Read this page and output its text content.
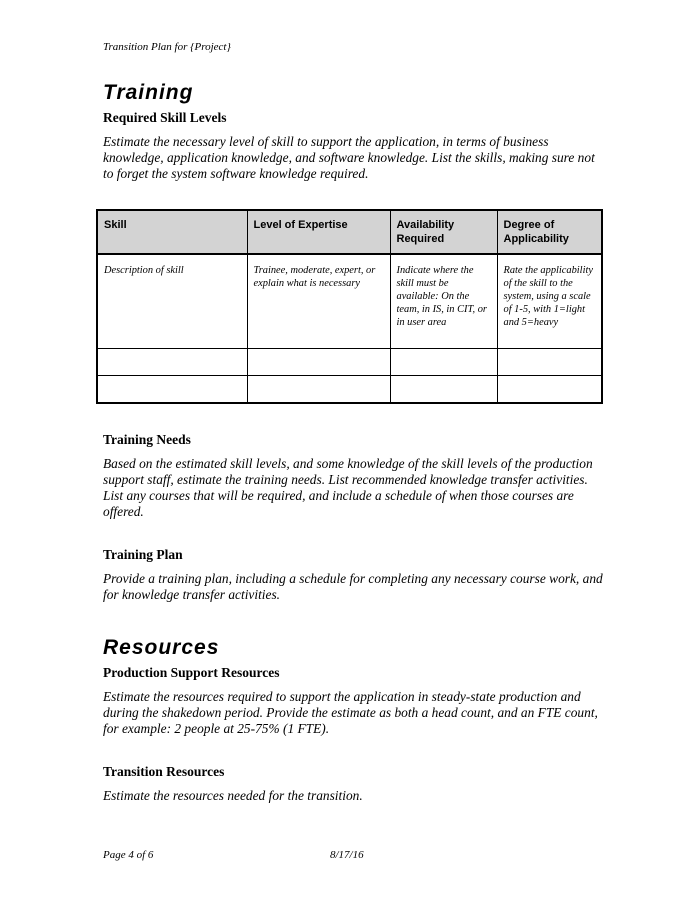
Transition Plan for {Project}
Training
Required Skill Levels

Estimate the necessary level of skill to support the application, in terms of business knowledge, application knowledge, and software knowledge. List the skills, making sure not to forget the system software knowledge required.

Skill	Level of Expertise	Availability Required	Degree of Applicability
Description of skill	Trainee, moderate, expert, or explain what is necessary	Indicate where the skill must be available: On the team, in IS, in CIT, or in user area	Rate the applicability of the skill to the system, using a scale of 1-5, with 1=light and 5=heavy

Training Needs

Based on the estimated skill levels, and some knowledge of the skill levels of the production support staff, estimate the training needs. List recommended knowledge transfer activities. List any courses that will be required, and include a schedule of when those courses are offered.

Training Plan

Provide a training plan, including a schedule for completing any necessary course work, and for knowledge transfer activities.

Resources
Production Support Resources

Estimate the resources required to support the application in steady-state production and during the shakedown period. Provide the estimate as both a head count, and an FTE count, for example: 2 people at 25-75% (1 FTE).

Transition Resources

Estimate the resources needed for the transition.

Page 4 of 6	8/17/16
